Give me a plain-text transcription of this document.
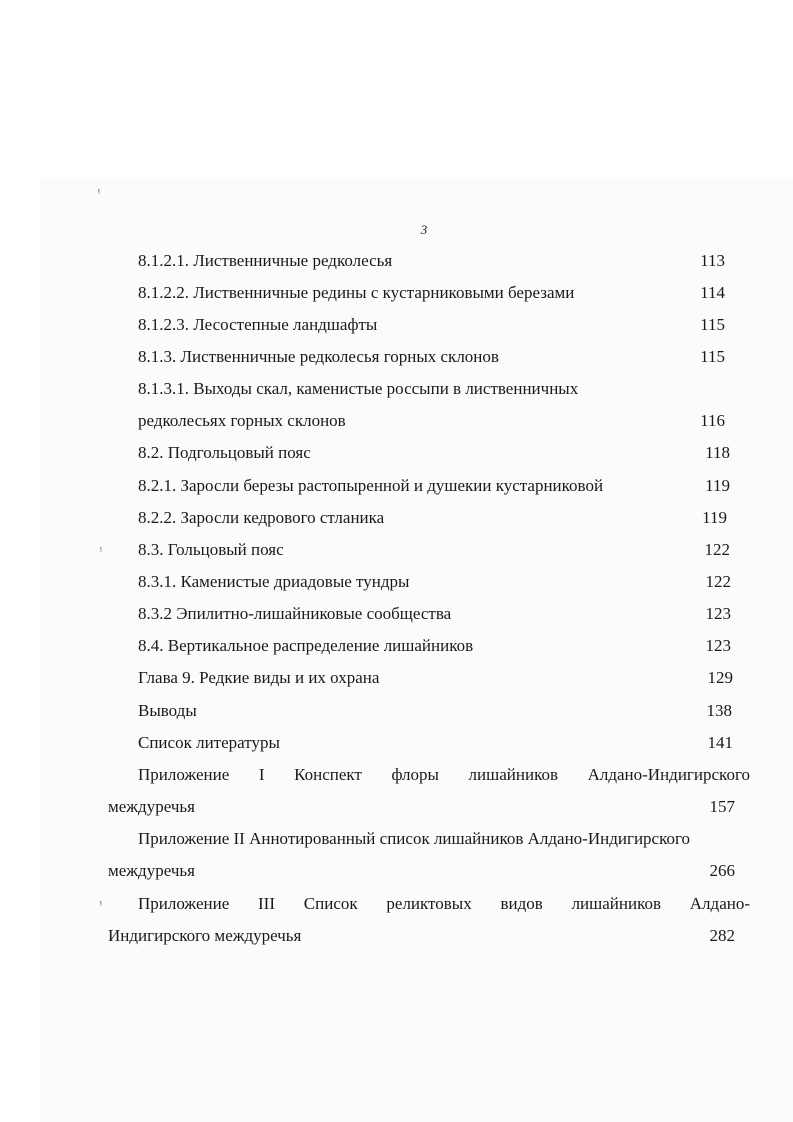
ᵎ
ᵎ
ᵎ
3
8.1.2.1. Лиственничные редколесья	113
8.1.2.2. Лиственничные редины с кустарниковыми березами	114
8.1.2.3. Лесостепные ландшафты	115
8.1.3. Лиственничные редколесья горных склонов	115
8.1.3.1. Выходы скал, каменистые россыпи в лиственничных
редколесьях горных склонов	116
8.2. Подгольцовый пояс	118
8.2.1. Заросли березы растопыренной и душекии кустарниковой	119
8.2.2. Заросли кедрового стланика	119
8.3. Гольцовый пояс	122
8.3.1. Каменистые дриадовые тундры	122
8.3.2 Эпилитно-лишайниковые сообщества	123
8.4. Вертикальное распределение лишайников	123
Глава 9. Редкие виды и их охрана	129
Выводы	138
Список литературы	141
Приложение I Конспект флоры лишайников Алдано-Индигирского
междуречья	157
Приложение II Аннотированный список лишайников Алдано-Индигирского
междуречья	266
Приложение III Список реликтовых видов лишайников Алдано-
Индигирского междуречья	282
